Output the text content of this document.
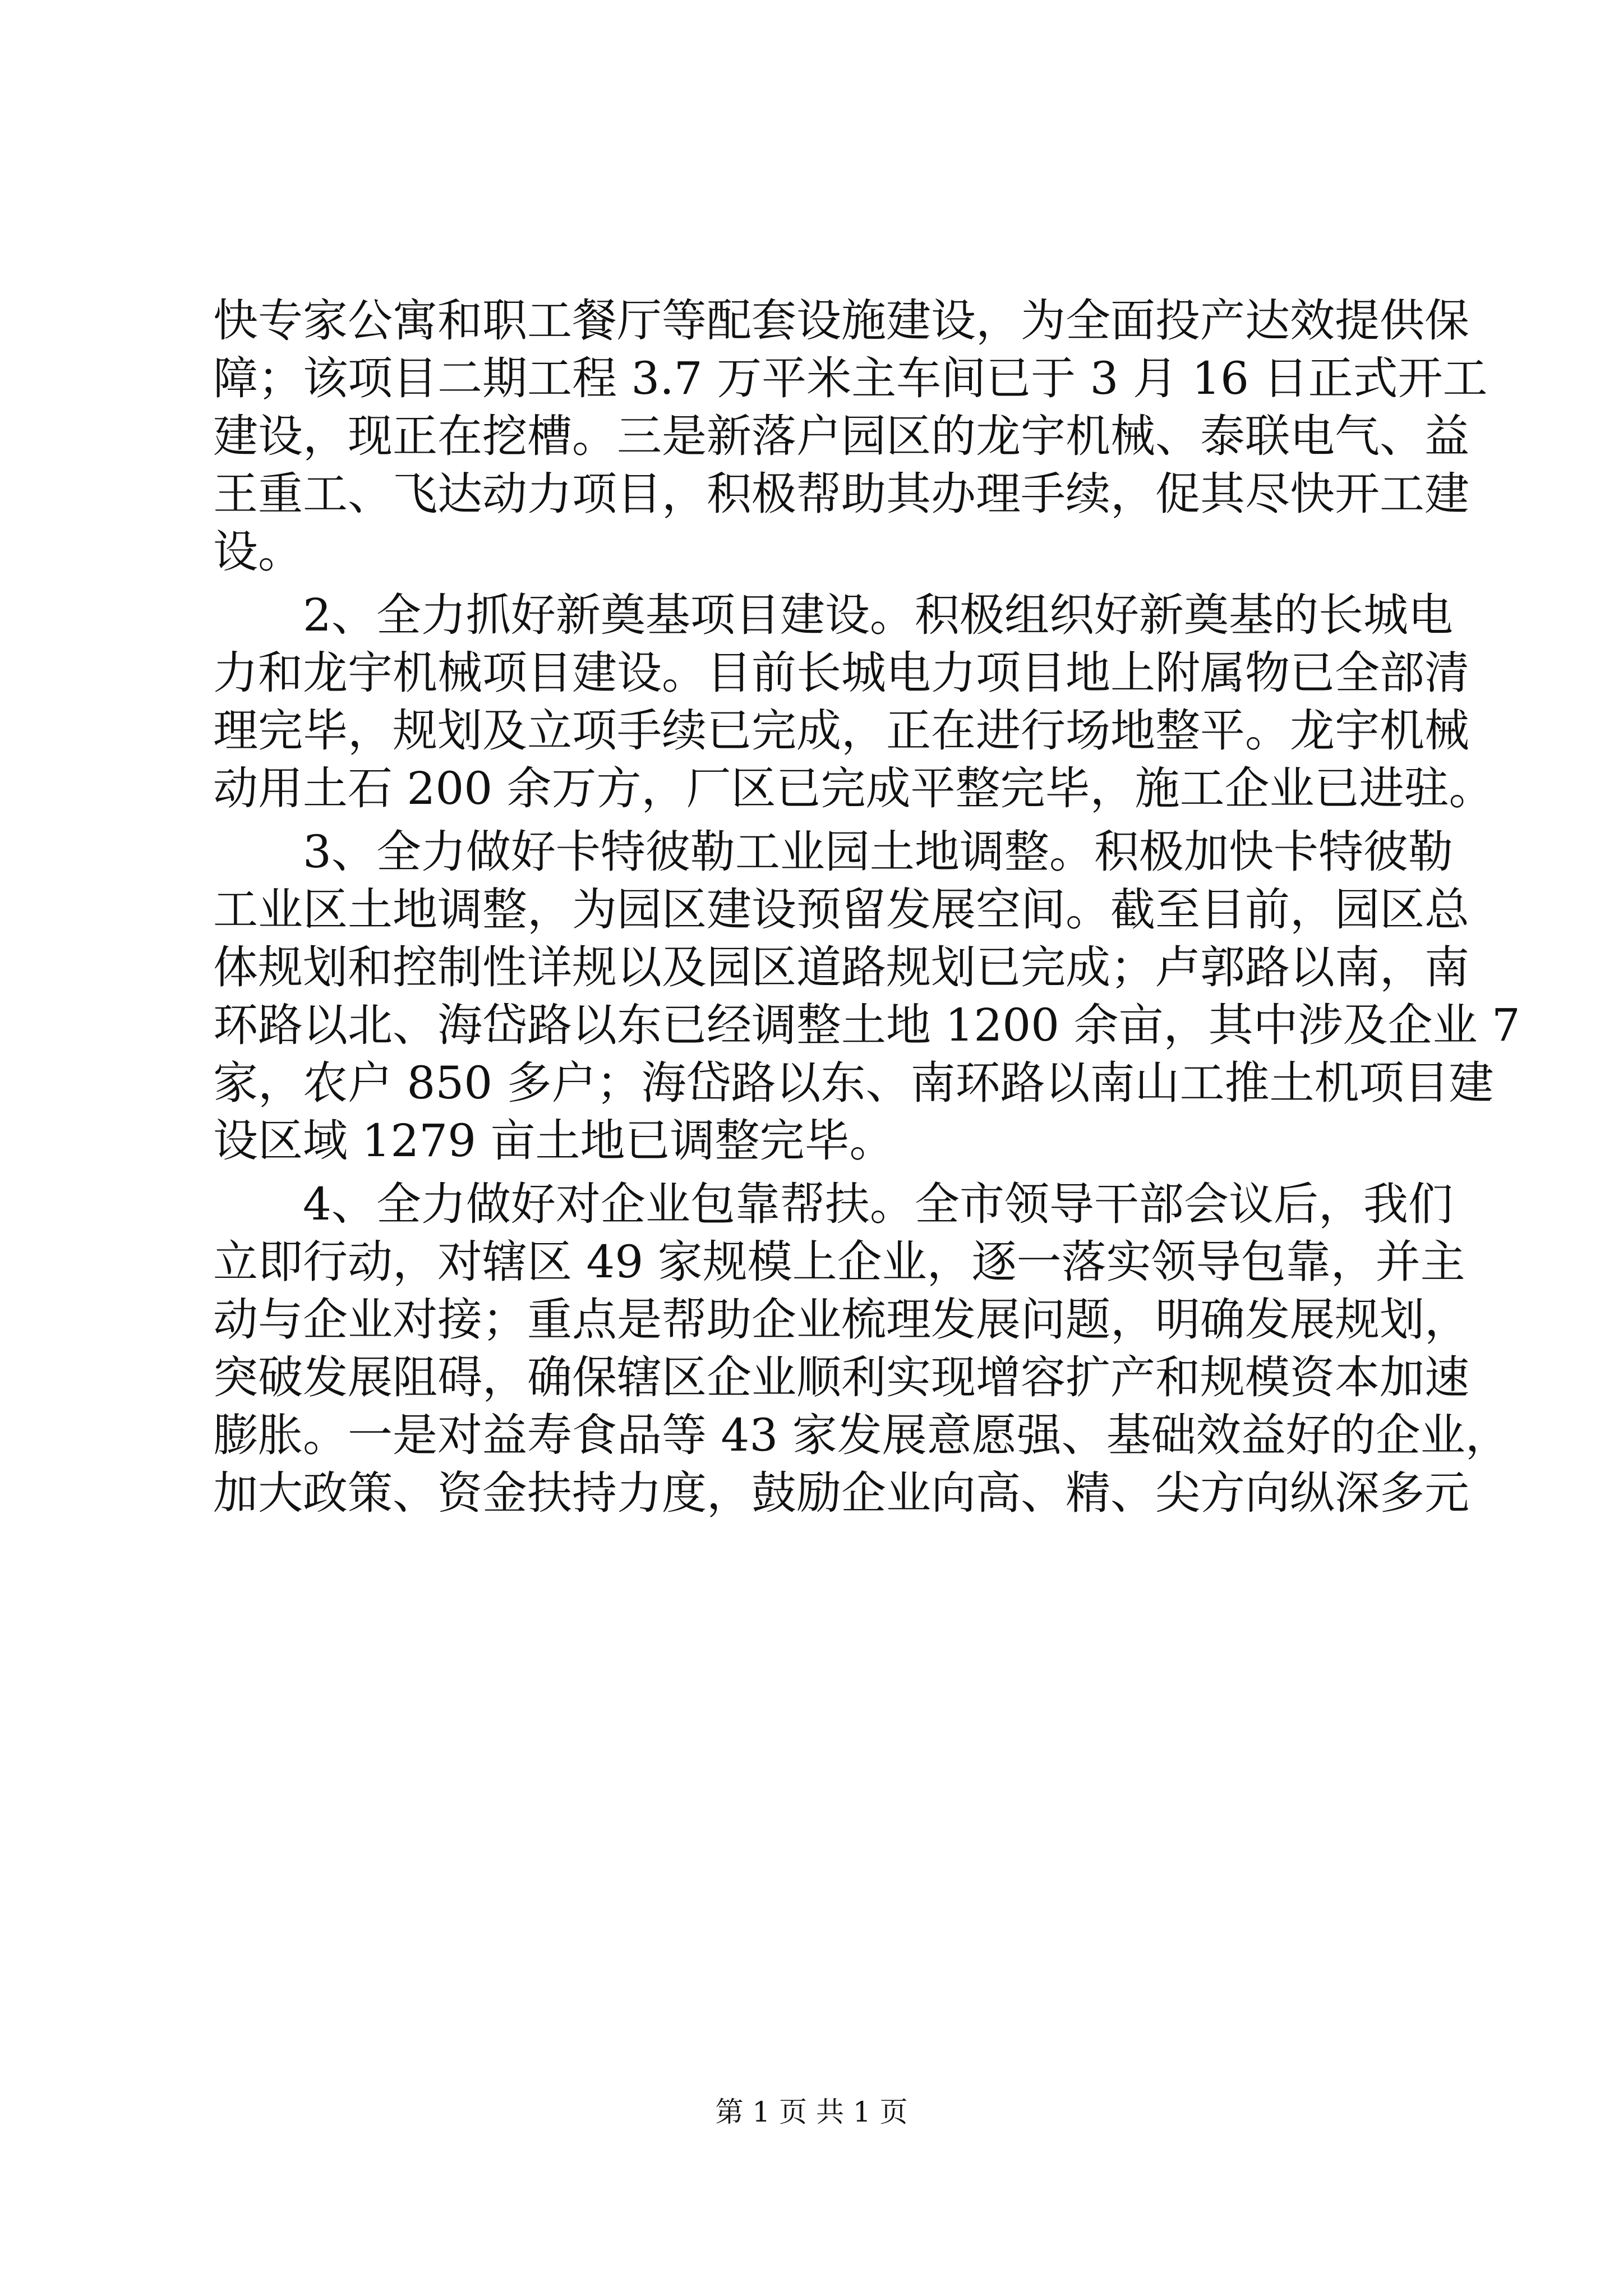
快专家公寓和职工餐厅等配套设施建设，为全面投产达效提供保
障；该项目二期工程 3.7 万平米主车间已于 3 月 16 日正式开工
建设，现正在挖槽。三是新落户园区的龙宇机械、泰联电气、益
王重工、飞达动力项目，积极帮助其办理手续，促其尽快开工建
设。
　　2、全力抓好新奠基项目建设。积极组织好新奠基的长城电
力和龙宇机械项目建设。目前长城电力项目地上附属物已全部清
理完毕，规划及立项手续已完成，正在进行场地整平。龙宇机械
动用土石 200 余万方，厂区已完成平整完毕，施工企业已进驻。
　　3、全力做好卡特彼勒工业园土地调整。积极加快卡特彼勒
工业区土地调整，为园区建设预留发展空间。截至目前，园区总
体规划和控制性详规以及园区道路规划已完成；卢郭路以南，南
环路以北、海岱路以东已经调整土地 1200 余亩，其中涉及企业 7
家，农户 850 多户；海岱路以东、南环路以南山工推土机项目建
设区域 1279 亩土地已调整完毕。
　　4、全力做好对企业包靠帮扶。全市领导干部会议后，我们
立即行动，对辖区 49 家规模上企业，逐一落实领导包靠，并主
动与企业对接；重点是帮助企业梳理发展问题，明确发展规划，
突破发展阻碍，确保辖区企业顺利实现增容扩产和规模资本加速
膨胀。一是对益寿食品等 43 家发展意愿强、基础效益好的企业，
加大政策、资金扶持力度，鼓励企业向高、精、尖方向纵深多元
第 1 页 共 1 页
